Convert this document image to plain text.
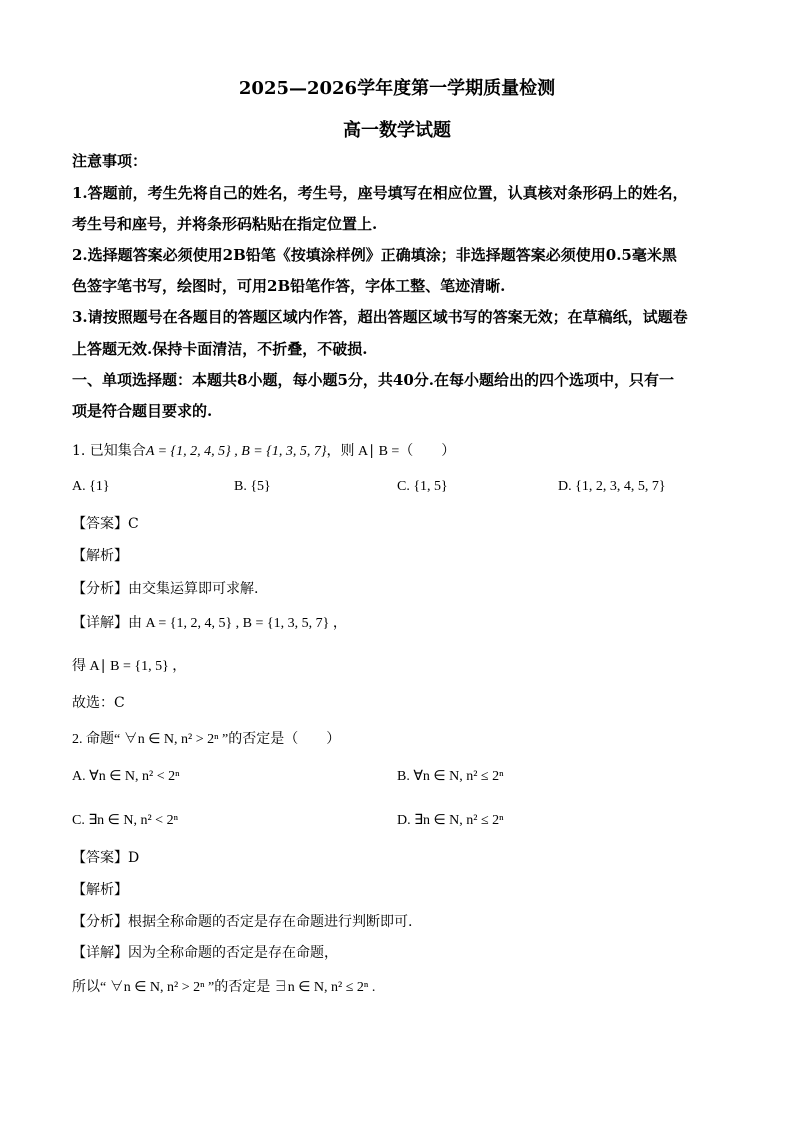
2025—2026学年度第一学期质量检测
高一数学试题
注意事项：
1.答题前，考生先将自己的姓名，考生号，座号填写在相应位置，认真核对条形码上的姓名，
考生号和座号，并将条形码粘贴在指定位置上.
2.选择题答案必须使用2B铅笔《按填涂样例》正确填涂；非选择题答案必须使用0.5毫米黑
色签字笔书写，绘图时，可用2B铅笔作答，字体工整、笔迹清晰.
3.请按照题号在各题目的答题区域内作答，超出答题区域书写的答案无效；在草稿纸，试题卷
上答题无效.保持卡面清洁，不折叠，不破损.
一、单项选择题：本题共8小题，每小题5分，共40分.在每小题给出的四个选项中，只有一
项是符合题目要求的.
1. 已知集合A = {1, 2, 4, 5} , B = {1, 3, 5, 7}，则 A∣ B =（　　）
A. {1}	B. {5}	C. {1, 5}	D. {1, 2, 3, 4, 5, 7}
【答案】C
【解析】
【分析】由交集运算即可求解.
【详解】由 A = {1, 2, 4, 5} , B = {1, 3, 5, 7} ，
得 A∣ B = {1, 5} ，
故选：C
2. 命题“ ∀n ∈ N, n² > 2ⁿ ”的否定是（　　）
A. ∀n ∈ N, n² < 2ⁿ	B. ∀n ∈ N, n² ≤ 2ⁿ
C. ∃n ∈ N, n² < 2ⁿ	D. ∃n ∈ N, n² ≤ 2ⁿ
【答案】D
【解析】
【分析】根据全称命题的否定是存在命题进行判断即可.
【详解】因为全称命题的否定是存在命题，
所以“ ∀n ∈ N, n² > 2ⁿ ”的否定是 ∃n ∈ N, n² ≤ 2ⁿ .
